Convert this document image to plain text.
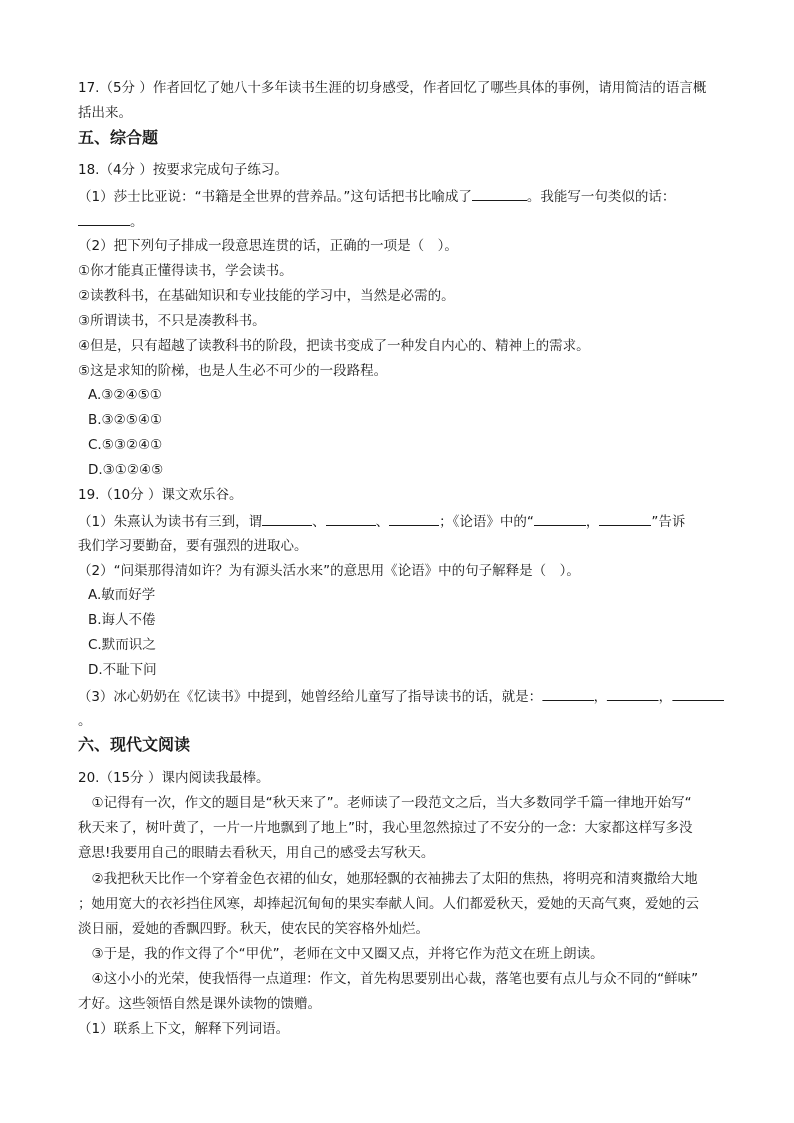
17.（5分 ）作者回忆了她八十多年读书生涯的切身感受，作者回忆了哪些具体的事例，请用简洁的语言概
括出来。
五、综合题
18.（4分 ）按要求完成句子练习。
（1）莎士比亚说：“书籍是全世界的营养品。”这句话把书比喻成了	。我能写一句类似的话：
。
（2）把下列句子排成一段意思连贯的话，正确的一项是（　）。
①你才能真正懂得读书，学会读书。
②读教科书，在基础知识和专业技能的学习中，当然是必需的。
③所谓读书，不只是凑教科书。
④但是，只有超越了读教科书的阶段，把读书变成了一种发自内心的、精神上的需求。
⑤这是求知的阶梯，也是人生必不可少的一段路程。
A.③②④⑤①
B.③②⑤④①
C.⑤③②④①
D.③①②④⑤
19.（10分 ）课文欢乐谷。
（1）朱熹认为读书有三到，谓	、	、	；《论语》中的“	，	”告诉
我们学习要勤奋，要有强烈的进取心。
（2）“问渠那得清如许？为有源头活水来”的意思用《论语》中的句子解释是（　）。
A.敏而好学
B.诲人不倦
C.默而识之
D.不耻下问
（3）冰心奶奶在《忆读书》中提到，她曾经给儿童写了指导读书的话，就是：	，	，
。
六、现代文阅读
20.（15分 ）课内阅读我最棒。
　①记得有一次，作文的题目是“秋天来了”。老师读了一段范文之后，当大多数同学千篇一律地开始写“
秋天来了，树叶黄了，一片一片地飘到了地上”时，我心里忽然掠过了不安分的一念：大家都这样写多没
意思!我要用自己的眼睛去看秋天，用自己的感受去写秋天。
　②我把秋天比作一个穿着金色衣裙的仙女，她那轻飘的衣袖拂去了太阳的焦热，将明亮和清爽撒给大地
；她用宽大的衣衫挡住风寒，却捧起沉甸甸的果实奉献人间。人们都爱秋天，爱她的天高气爽，爱她的云
淡日丽，爱她的香飘四野。秋天，使农民的笑容格外灿烂。
　③于是，我的作文得了个“甲优”，老师在文中又圈又点，并将它作为范文在班上朗读。
　④这小小的光荣，使我悟得一点道理：作文，首先构思要别出心裁，落笔也要有点儿与众不同的“鲜味”
才好。这些领悟自然是课外读物的馈赠。
（1）联系上下文，解释下列词语。
